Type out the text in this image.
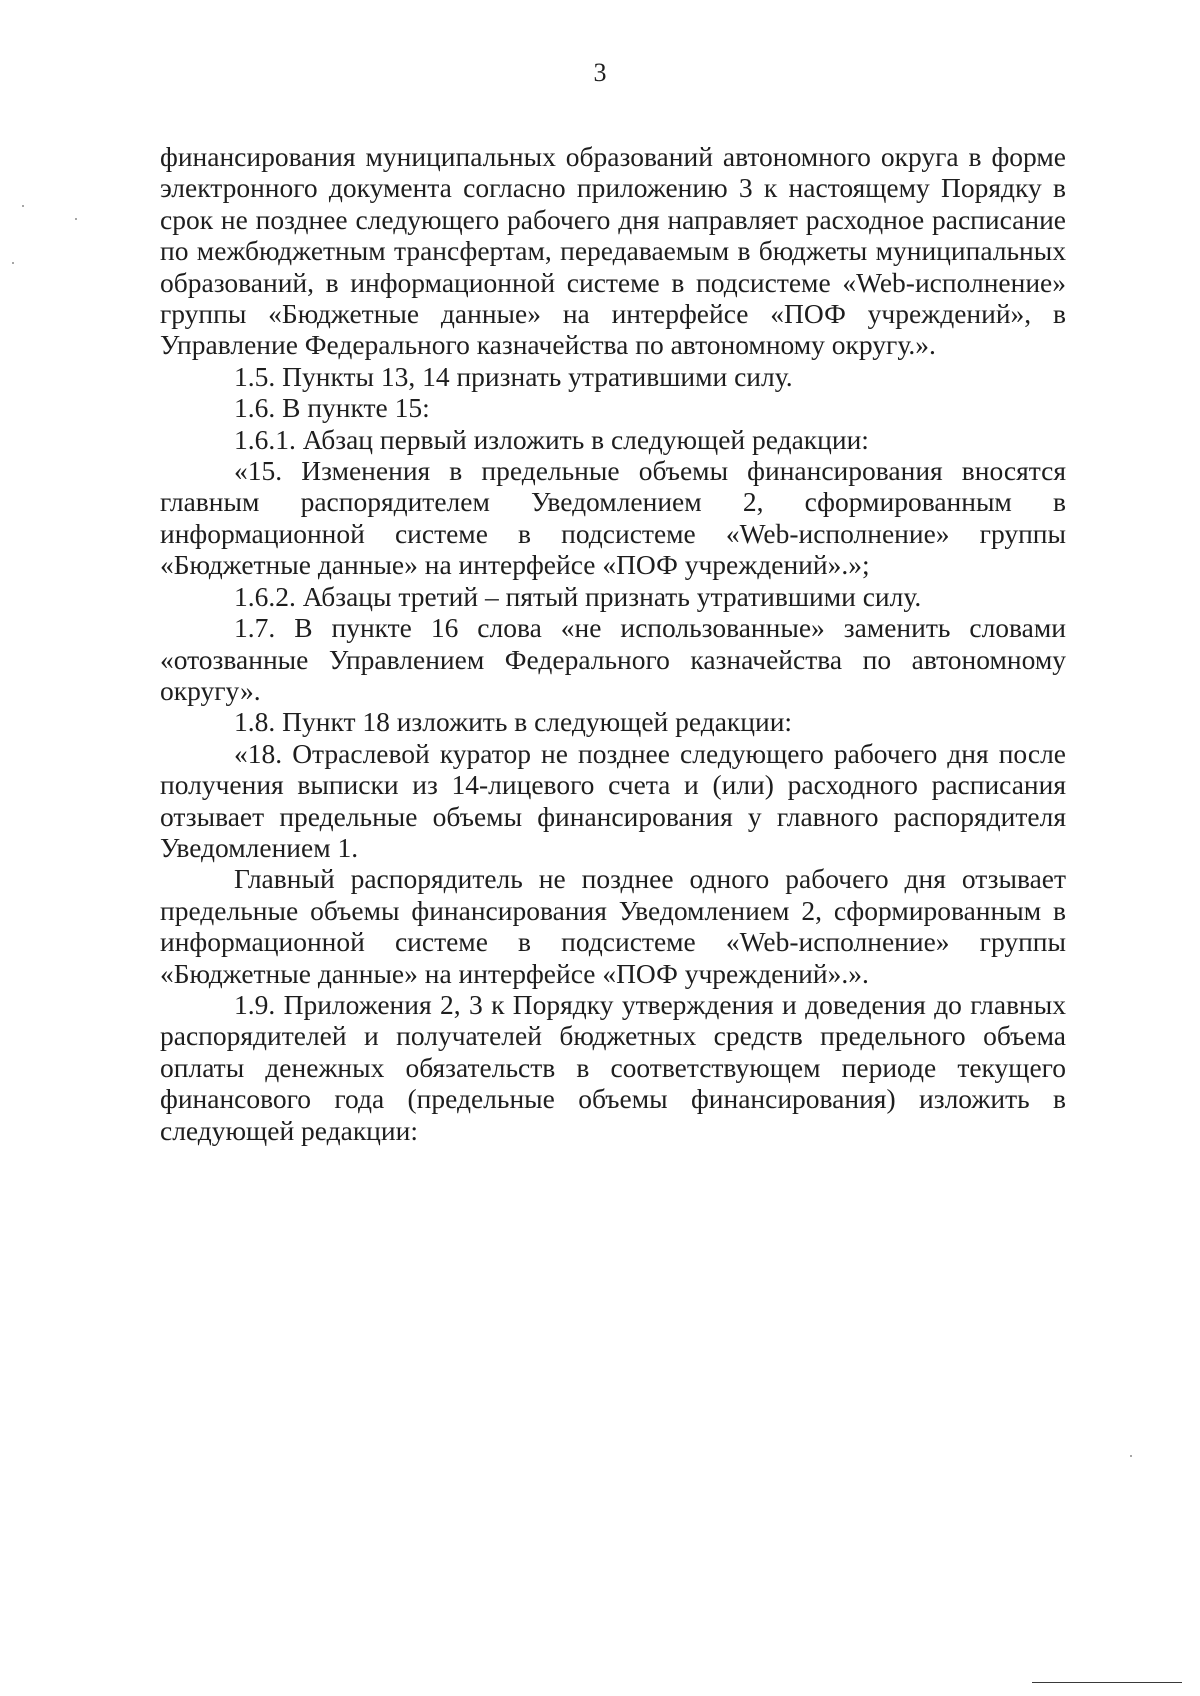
3

финансирования муниципальных образований автономного округа в форме электронного документа согласно приложению 3 к настоящему Порядку в срок не позднее следующего рабочего дня направляет расходное расписание по межбюджетным трансфертам, передаваемым в бюджеты муниципальных образований, в информационной системе в подсистеме «Web-исполнение» группы «Бюджетные данные» на интерфейсе «ПОФ учреждений», в Управление Федерального казначейства по автономному округу.».

1.5. Пункты 13, 14 признать утратившими силу.

1.6. В пункте 15:

1.6.1. Абзац первый изложить в следующей редакции:

«15. Изменения в предельные объемы финансирования вносятся главным распорядителем Уведомлением 2, сформированным в информационной системе в подсистеме «Web-исполнение» группы «Бюджетные данные» на интерфейсе «ПОФ учреждений».»;

1.6.2. Абзацы третий – пятый признать утратившими силу.

1.7. В пункте 16 слова «не использованные» заменить словами «отозванные Управлением Федерального казначейства по автономному округу».

1.8. Пункт 18 изложить в следующей редакции:

«18. Отраслевой куратор не позднее следующего рабочего дня после получения выписки из 14-лицевого счета и (или) расходного расписания отзывает предельные объемы финансирования у главного распорядителя Уведомлением 1.

Главный распорядитель не позднее одного рабочего дня отзывает предельные объемы финансирования Уведомлением 2, сформированным в информационной системе в подсистеме «Web-исполнение» группы «Бюджетные данные» на интерфейсе «ПОФ учреждений».».

1.9. Приложения 2, 3 к Порядку утверждения и доведения до главных распорядителей и получателей бюджетных средств предельного объема оплаты денежных обязательств в соответствующем периоде текущего финансового года (предельные объемы финансирования) изложить в следующей редакции:
